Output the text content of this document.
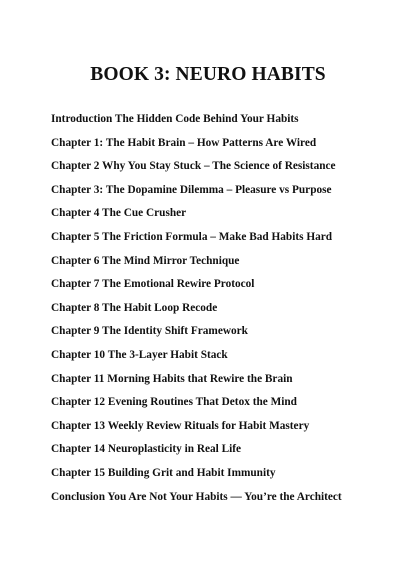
BOOK 3: NEURO HABITS
Introduction The Hidden Code Behind Your Habits
Chapter 1: The Habit Brain – How Patterns Are Wired
Chapter 2 Why You Stay Stuck – The Science of Resistance
Chapter 3: The Dopamine Dilemma – Pleasure vs Purpose
Chapter 4 The Cue Crusher
Chapter 5 The Friction Formula – Make Bad Habits Hard
Chapter 6 The Mind Mirror Technique
Chapter 7 The Emotional Rewire Protocol
Chapter 8 The Habit Loop Recode
Chapter 9 The Identity Shift Framework
Chapter 10 The 3-Layer Habit Stack
Chapter 11 Morning Habits that Rewire the Brain
Chapter 12 Evening Routines That Detox the Mind
Chapter 13 Weekly Review Rituals for Habit Mastery
Chapter 14 Neuroplasticity in Real Life
Chapter 15 Building Grit and Habit Immunity
Conclusion You Are Not Your Habits — You’re the Architect
